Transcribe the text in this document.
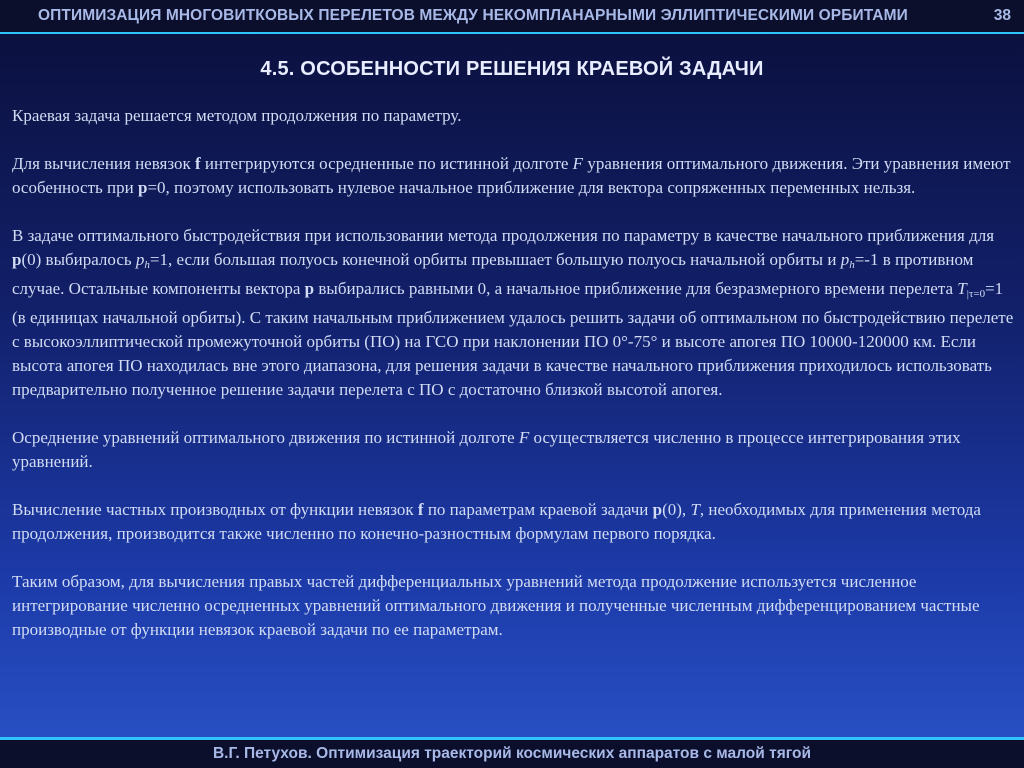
ОПТИМИЗАЦИЯ МНОГОВИТКОВЫХ ПЕРЕЛЕТОВ МЕЖДУ НЕКОМПЛАНАРНЫМИ ЭЛЛИПТИЧЕСКИМИ ОРБИТАМИ	38
4.5. ОСОБЕННОСТИ РЕШЕНИЯ КРАЕВОЙ ЗАДАЧИ

Краевая задача решается методом продолжения по параметру.

Для вычисления невязок f интегрируются осредненные по истинной долготе F уравнения оптимального движения. Эти уравнения имеют особенность при p=0, поэтому использовать нулевое начальное приближение для вектора сопряженных переменных нельзя.

В задаче оптимального быстродействия при использовании метода продолжения по параметру в качестве начального приближения для p(0) выбиралось $p_h=1$, если большая полуось конечной орбиты превышает большую полуось начальной орбиты и $p_h=-1$ в противном случае. Остальные компоненты вектора p выбирались равными 0, а начальное приближение для безразмерного времени перелета $T_{|\tau=0}=1$ (в единицах начальной орбиты). С таким начальным приближением удалось решить задачи об оптимальном по быстродействию перелете с высокоэллиптической промежуточной орбиты (ПО) на ГСО при наклонении ПО 0°-75° и высоте апогея ПО 10000-120000 км. Если высота апогея ПО находилась вне этого диапазона, для решения задачи в качестве начального приближения приходилось использовать предварительно полученное решение задачи перелета с ПО с достаточно близкой высотой апогея.

Осреднение уравнений оптимального движения по истинной долготе F осуществляется численно в процессе интегрирования этих уравнений.

Вычисление частных производных от функции невязок f по параметрам краевой задачи p(0), T, необходимых для применения метода продолжения, производится также численно по конечно-разностным формулам первого порядка.

Таким образом, для вычисления правых частей дифференциальных уравнений метода продолжение используется численное интегрирование численно осредненных уравнений оптимального движения и полученные численным дифференцированием частные производные от функции невязок краевой задачи по ее параметрам.

В.Г. Петухов. Оптимизация траекторий космических аппаратов с малой тягой
